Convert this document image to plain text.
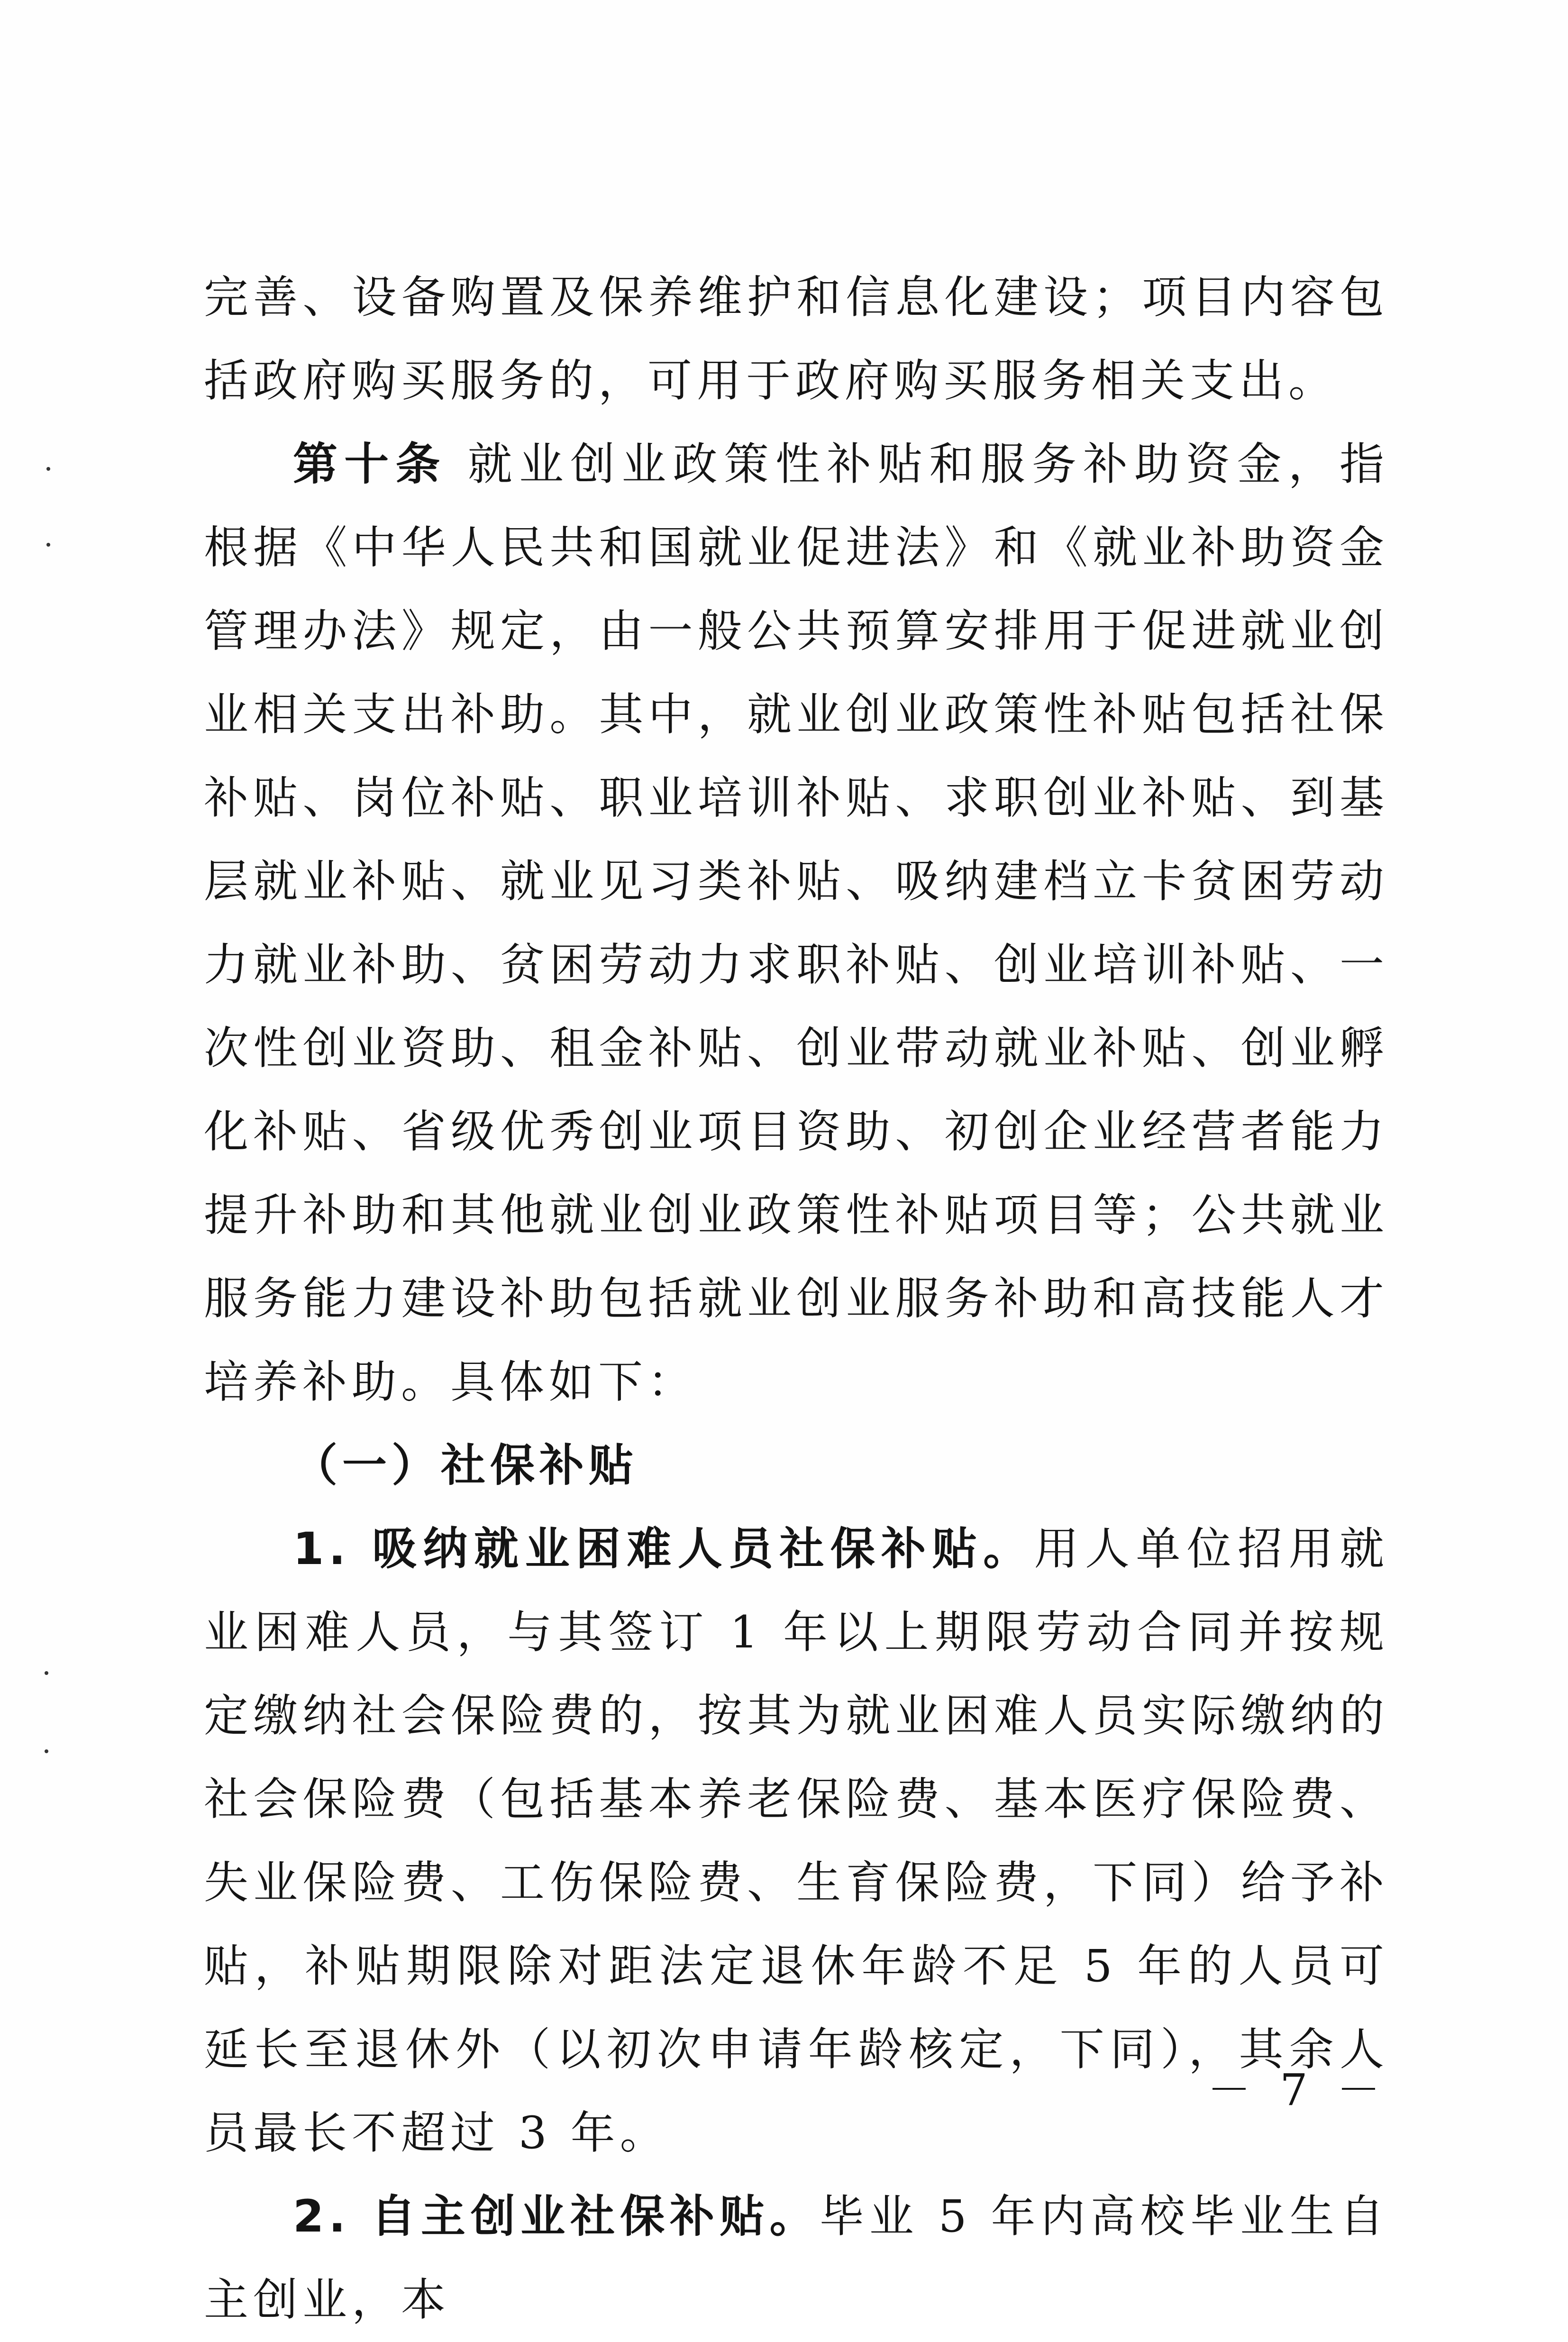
完善、设备购置及保养维护和信息化建设；项目内容包括政府购买服务的，可用于政府购买服务相关支出。

第十条 就业创业政策性补贴和服务补助资金，指根据《中华人民共和国就业促进法》和《就业补助资金管理办法》规定，由一般公共预算安排用于促进就业创业相关支出补助。其中，就业创业政策性补贴包括社保补贴、岗位补贴、职业培训补贴、求职创业补贴、到基层就业补贴、就业见习类补贴、吸纳建档立卡贫困劳动力就业补助、贫困劳动力求职补贴、创业培训补贴、一次性创业资助、租金补贴、创业带动就业补贴、创业孵化补贴、省级优秀创业项目资助、初创企业经营者能力提升补助和其他就业创业政策性补贴项目等；公共就业服务能力建设补助包括就业创业服务补助和高技能人才培养补助。具体如下：

（一）社保补贴

1. 吸纳就业困难人员社保补贴。用人单位招用就业困难人员，与其签订 1 年以上期限劳动合同并按规定缴纳社会保险费的，按其为就业困难人员实际缴纳的社会保险费（包括基本养老保险费、基本医疗保险费、失业保险费、工伤保险费、生育保险费，下同）给予补贴，补贴期限除对距法定退休年龄不足 5 年的人员可延长至退休外（以初次申请年龄核定，下同），其余人员最长不超过 3 年。

2. 自主创业社保补贴。毕业 5 年内高校毕业生自主创业，本

－ 7 －
